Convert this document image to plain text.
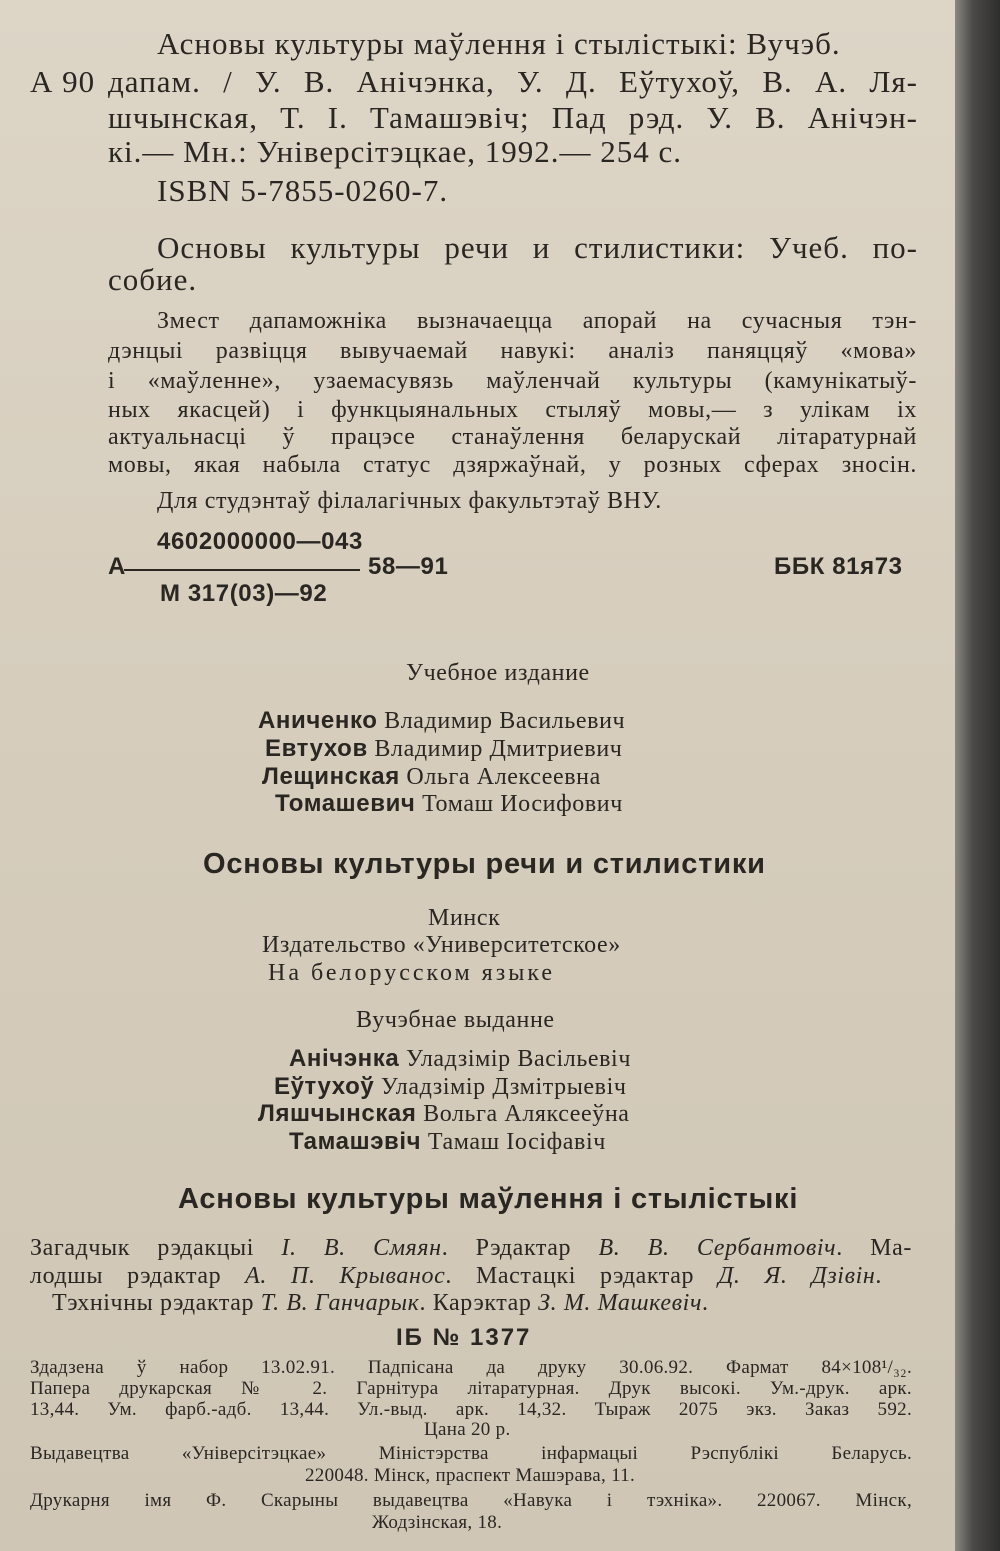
Асновы культуры маўлення і стылістыкі: Вучэб.

А 90 дапам. / У. В. Анічэнка, У. Д. Еўтухоў, В. А. Ля-

шчынская, Т. І. Тамашэвіч; Пад рэд. У. В. Анічэн-

кі.— Мн.: Універсітэцкае, 1992.— 254 с.

ISBN 5-7855-0260-7.

Основы культуры речи и стилистики: Учеб. по-

собие.

Змест дапаможніка вызначаецца апорай на сучасныя тэн-

дэнцыі развіцця вывучаемай навукі: аналіз паняццяў «мова»

і «маўленне», узаемасувязь маўленчай культуры (камунікатыў-

ных якасцей) і функцыянальных стыляў мовы,— з улікам іх

актуальнасці ў працэсе станаўлення беларускай літаратурнай

мовы, якая набыла статус дзяржаўнай, у розных сферах зносін.

Для студэнтаў філалагічных факультэтаў ВНУ.

4602000000—043

А	58—91	ББК 81я73

М 317(03)—92

Учебное издание

Аниченко Владимир Васильевич

Евтухов Владимир Дмитриевич

Лещинская Ольга Алексеевна

Томашевич Томаш Иосифович

Основы культуры речи и стилистики

Минск

Издательство «Университетское»

На белорусском языке

Вучэбнае выданне

Анічэнка Уладзімір Васільевіч

Еўтухоў Уладзімір Дзмітрыевіч

Ляшчынская Вольга Аляксееўна

Тамашэвіч Тамаш Іосіфавіч

Асновы культуры маўлення і стылістыкі

Загадчык рэдакцыі І. В. Смяян. Рэдактар В. В. Сербантовіч. Ма-

лодшы рэдактар А. П. Крыванос. Мастацкі рэдактар Д. Я. Дзівін.

Тэхнічны рэдактар Т. В. Ганчарык. Карэктар З. М. Машкевіч.

ІБ № 1377

Здадзена ў набор 13.02.91. Падпісана да друку 30.06.92. Фармат 84×108¹/₃₂.

Папера друкарская № 2. Гарнітура літаратурная. Друк высокі. Ум.-друк. арк.

13,44. Ум. фарб.-адб. 13,44. Ул.-выд. арк. 14,32. Тыраж 2075 экз. Заказ 592.

Цана 20 р.

Выдавецтва «Універсітэцкае» Міністэрства інфармацыі Рэспублікі Беларусь.

220048. Мінск, праспект Машэрава, 11.

Друкарня імя Ф. Скарыны выдавецтва «Навука і тэхніка». 220067. Мінск,

Жодзінская, 18.
